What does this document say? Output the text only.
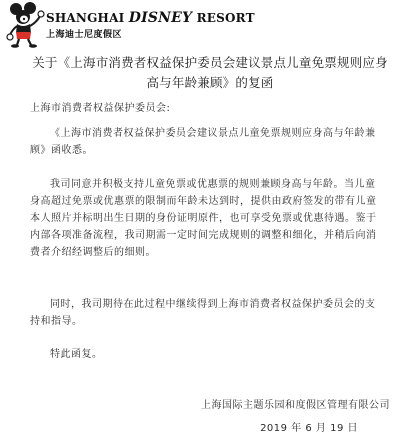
SHANGHAI DISNEY RESORT
上海迪士尼度假区
关于《上海市消费者权益保护委员会建议景点儿童免票规则应身高与年龄兼顾》的复函
上海市消费者权益保护委员会:
《上海市消费者权益保护委员会建议景点儿童免票规则应身高与年龄兼顾》函收悉。
我司同意并积极支持儿童免票或优惠票的规则兼顾身高与年龄。当儿童身高超过免票或优惠票的限制而年龄未达到时，提供由政府签发的带有儿童本人照片并标明出生日期的身份证明原件，也可享受免票或优惠待遇。鉴于内部各项准备流程，我司期需一定时间完成规则的调整和细化，并稍后向消费者介绍经调整后的细则。
同时，我司期待在此过程中继续得到上海市消费者权益保护委员会的支持和指导。
特此函复。
上海国际主题乐园和度假区管理有限公司
2019 年 6 月 19 日
